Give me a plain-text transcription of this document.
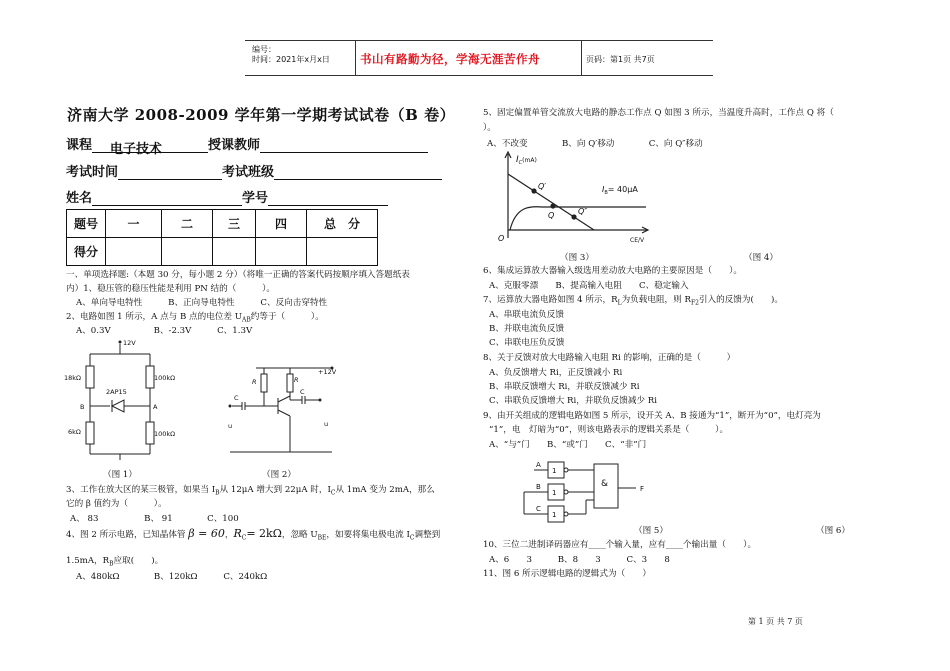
编号：
时间：2021年x月x日	书山有路勤为径，学海无涯苦作舟	页码：第1页 共7页
济南大学 2008-2009 学年第一学期考试试卷（B 卷）
课程 电子技术	授课教师
考试时间	考试班级
姓名	学号
题号	一	二	三	四	总　分
得分					
一、单项选择题:（本题 30 分，每小题 2 分）（将唯一正确的答案代码按顺序填入答题纸表
内）1、稳压管的稳压性能是利用 PN 结的（　　　）。
A、单向导电特性　　　B、正向导电特性　　　C、反向击穿特性
2、电路如图 1 所示，A 点与 B 点的电位差 $U_{AB}$约等于（　　　）。
A、0.3V　　　　　B、-2.3V　　　C、1.3V
12V
18kΩ	100kΩ
6kΩ	100kΩ
2AP15
B	A
+12V
R	R
C
C
u	u
（图 1）	（图 2）
3、工作在放大区的某三极管，如果当 $I_B$从 12μA 增大到 22μA 时，$I_C$从 1mA 变为 2mA，那么
它的 β 值约为（　　　）。
A、 83　　　　　 B、 91　　　　C、100
4、图 2 所示电路，已知晶体管 β = 60，$R_C= 2k\Omega$，忽略 $U_{BE}$，如要将集电极电流 $I_C$调整到
1.5mA，$R_B$应取(　　)。
A、480kΩ　　　　B、120kΩ　　　C、240kΩ
5、固定偏置单管交流放大电路的静态工作点 Q 如图 3 所示，当温度升高时，工作点 Q 将（
）。
A、不改变　　　　B、向 Q′移动　　　　C、向 Q″移动
$I_C^{(mA)}$
$I_B= 40\mu A$
Q′
Q	Q″
O	CE/V
（图 3）	（图 4）
6、集成运算放大器输入级选用差动放大电路的主要原因是（　　）。
A、克服零漂　　B、提高输入电阻　　C、稳定输入
7、运算放大器电路如图 4 所示，$R_L$为负载电阻，则 $R_{F2}$引入的反馈为(　　)。
A、串联电流负反馈
B、并联电流负反馈
C、串联电压负反馈
8、关于反馈对放大电路输入电阻 Ri 的影响，正确的是（　　　）
A、负反馈增大 Ri，正反馈减小 Ri
B、串联反馈增大 Ri，并联反馈减少 Ri
C、串联负反馈增大 Ri，并联负反馈减少 Ri
9、由开关组成的逻辑电路如图 5 所示，设开关 A、B 接通为“1”，断开为“0”，电灯亮为
“1”，电　灯暗为“0”，则该电路表示的逻辑关系是（　　　）。
A、“与”门　　B、“或”门　　C、“非”门
A
B
C
1
1
1
&	F
（图 5）	（图 6）
10、三位二进制译码器应有____个输入量，应有____个输出量（　　）。
A、6　　3　　　B、8　　3　　　C、3　　8
11、图 6 所示逻辑电路的逻辑式为（　　）
第 1 页 共 7 页
